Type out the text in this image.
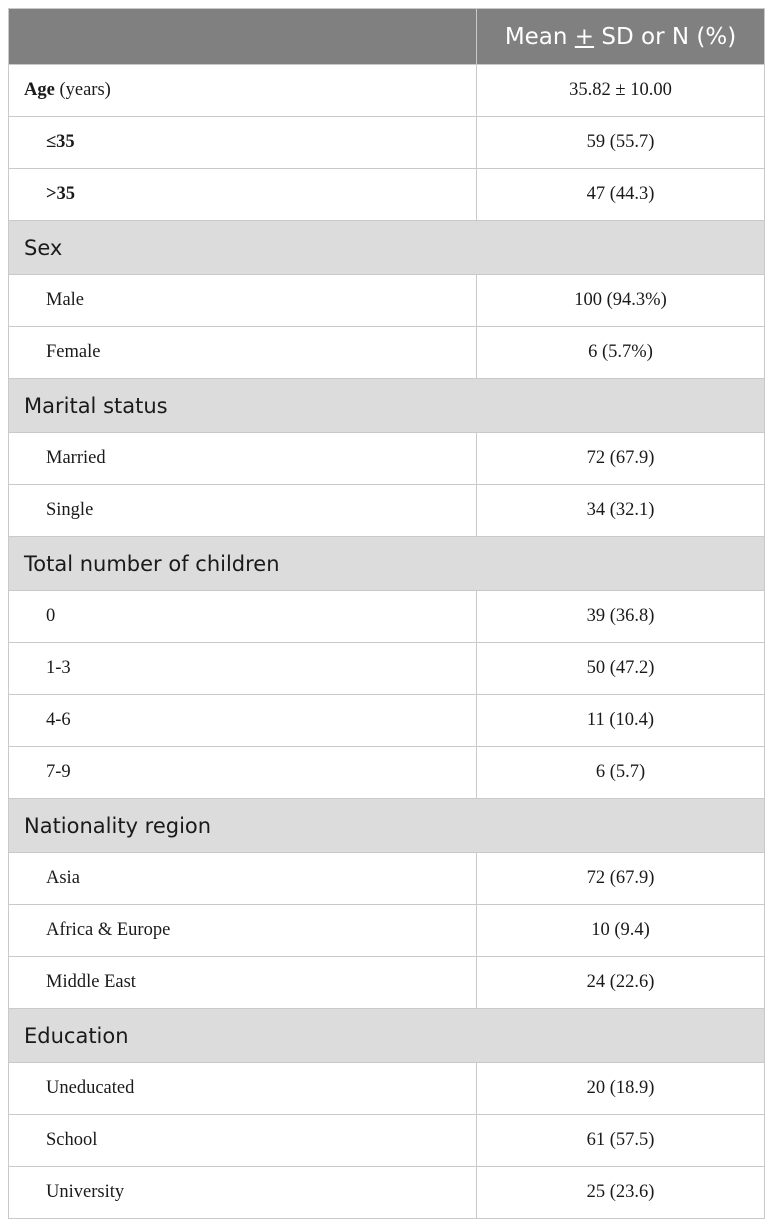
	Mean + SD or N (%)
Age (years)	35.82 ± 10.00
≤35	59 (55.7)
>35	47 (44.3)
Sex	
Male	100 (94.3%)
Female	6 (5.7%)
Marital status	
Married	72 (67.9)
Single	34 (32.1)
Total number of children	
0	39 (36.8)
1-3	50 (47.2)
4-6	11 (10.4)
7-9	6 (5.7)
Nationality region	
Asia	72 (67.9)
Africa & Europe	10 (9.4)
Middle East	24 (22.6)
Education	
Uneducated	20 (18.9)
School	61 (57.5)
University	25 (23.6)
